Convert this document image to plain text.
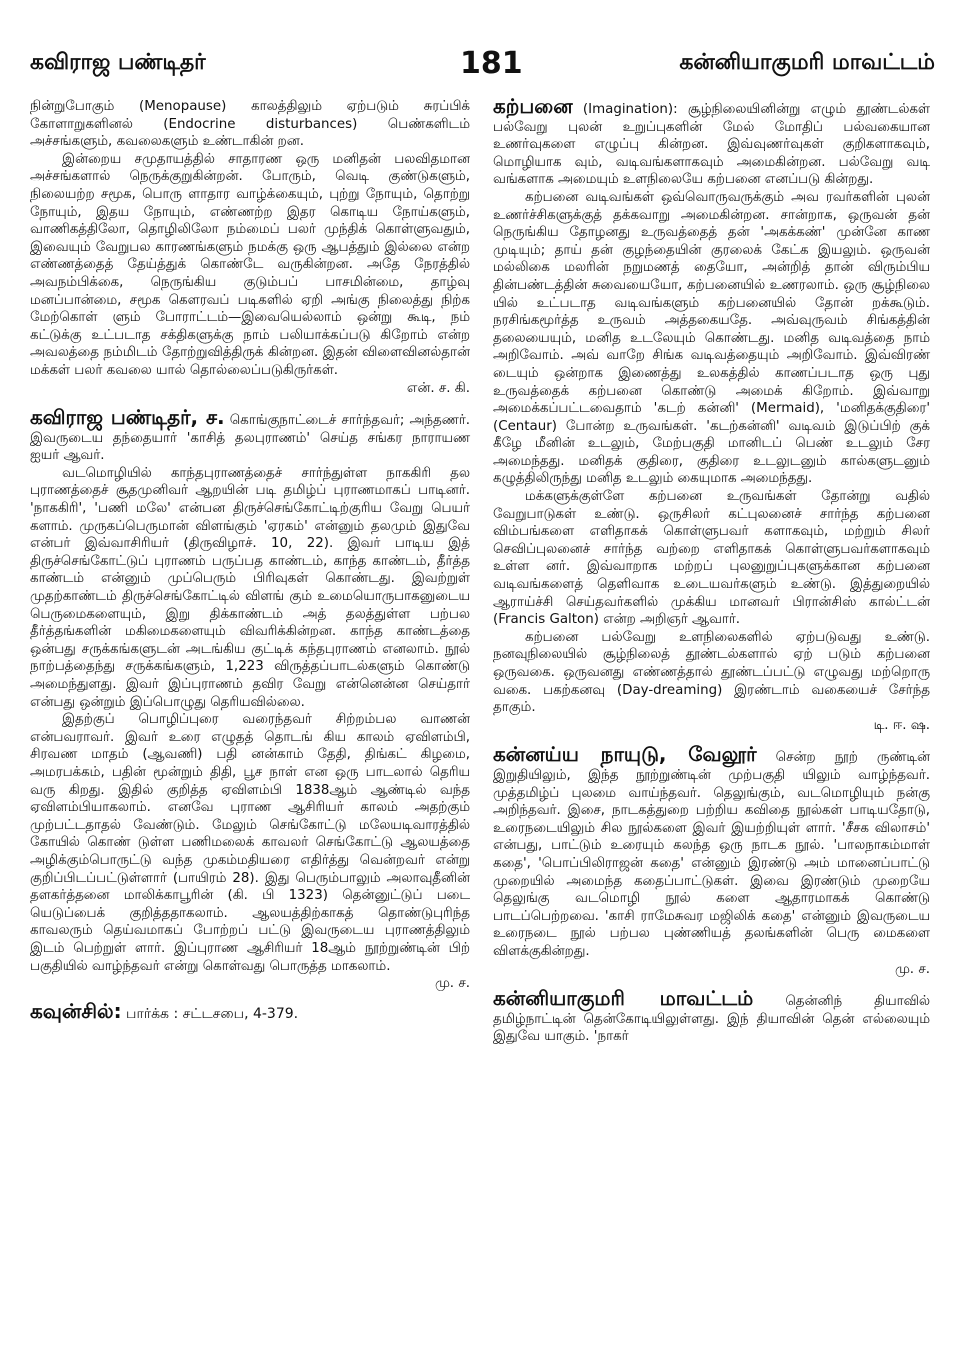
கவிராஜ பண்டிதர்	181	கன்னியாகுமரி மாவட்டம்

நின்றுபோகும் (Menopause) காலத்திலும் ஏற்படும் சுரப்பிக் கோளாறுகளினல் (Endocrine disturbances) பெண்களிடம் அச்சங்களும், கவலைகளும் உண்டாகின் றன.

இன்றைய சமுதாயத்தில் சாதாரண ஒரு மனிதன் பலவிதமான அச்சங்களால் நெருக்குறுகின்றன். போரும், வெடி குண்டுகளும், நிலையற்ற சமூக, பொரு ளாதார வாழ்க்கையும், புற்று நோயும், தொற்று நோயும், இதய நோயும், எண்ணற்ற இதர கொடிய நோய்களும், வாணிகத்திலோ, தொழிலிலோ நம்மைப் பலர் முந்திக் கொள்ளுவதும், இவையும் வேறுபல காரணங்களும் நமக்கு ஒரு ஆபத்தும் இல்லை என்ற எண்ணத்தைத் தேய்த்துக் கொண்டே வருகின்றன. அதே நேரத்தில் அவநம்பிக்கை, நெருங்கிய குடும்பப் பாசமின்மை, தாழ்வு மனப்பான்மை, சமூக கௌரவப் படிகளில் ஏறி அங்கு நிலைத்து நிற்க மேற்கொள் ளும் போராட்டம்—இவையெல்லாம் ஒன்று கூடி, நம் கட்டுக்கு உட்படாத சக்திகளுக்கு நாம் பலியாக்கப்படு கிறோம் என்ற அவலத்தை நம்மிடம் தோற்றுவித்திருக் கின்றன. இதன் விளைவினல்தான் மக்கள் பலர் கவலை யால் தொல்லைப்படுகிருர்கள்.

என். ச. கி.

கவிராஜ பண்டிதர், ச. கொங்குநாட்டைச் சார்ந்தவர்; அந்தணர். இவருடைய தந்தையார் 'காசித் தலபுராணம்' செய்த சங்கர நாராயண ஐயர் ஆவர்.

வடமொழியில் காந்தபுராணத்தைச் சார்ந்துள்ள நாககிரி தல புராணத்தைச் சூதமுனிவர் ஆறயின் படி தமிழ்ப் புராணமாகப் பாடினர். 'நாககிரி', 'பணி மலே' என்பன திருச்செங்கோட்டிற்குரிய வேறு பெயர் களாம். முருகப்பெருமான் விளங்கும் 'ஏரகம்' என்னும் தலமும் இதுவே என்பர் இவ்வாசிரியர் (திருவிழாச். 10, 22). இவர் பாடிய இத் திருச்செங்கோட்டுப் புராணம் பருப்பத காண்டம், காந்த காண்டம், தீர்த்த காண்டம் என்னும் முப்பெரும் பிரிவுகள் கொண்டது. இவற்றுள் முதற்காண்டம் திருச்செங்கோட்டில் விளங் கும் உமையொருபாகனுடைய பெருமைகளையும், இறு திக்காண்டம் அத் தலத்துள்ள பற்பல தீர்த்தங்களின் மகிமைகளையும் விவரிக்கின்றன. காந்த காண்டத்தை ஒன்பது சருக்கங்களுடன் அடங்கிய குட்டிக் கந்தபுராணம் எனலாம். நூல் நாற்பத்தைந்து சருக்கங்களும், 1,223 விருத்தப்பாடல்களும் கொண்டு அமைந்துளது. இவர் இப்புராணம் தவிர வேறு என்னென்ன செய்தார் என்பது ஒன்றும் இப்பொழுது தெரியவில்லை.

இதற்குப் பொழிப்புரை வரைந்தவர் சிற்றம்பல வாணன் என்பவராவர். இவர் உரை எழுதத் தொடங் கிய காலம் ஏவிளம்பி, சிரவண மாதம் (ஆவணி) பதி னன்காம் தேதி, திங்கட் கிழமை, அமரபக்கம், பதின் மூன்றும் திதி, பூச நாள் என ஒரு பாடலால் தெரிய வரு கிறது. இதில் குறித்த ஏவிளம்பி 1838ஆம் ஆண்டில் வந்த ஏவிளம்பியாகலாம். எனவே புராண ஆசிரியர் காலம் அதற்கும் முற்பட்டதாதல் வேண்டும். மேலும் செங்கோட்டு மலேயடிவாரத்தில் கோயில் கொண் டுள்ள பணிமலைக் காவலர் செங்கோட்டு ஆலயத்தை அழிக்கும்பொருட்டு வந்த முகம்மதியரை எதிர்த்து வென்றவர் என்று குறிப்பிடப்பட்டுள்ளார் (பாயிரம் 28). இது பெரும்பாலும் அலாவுதீனின் தளகர்த்தனை மாலிக்காபூரின் (கி. பி 1323) தென்னுட்டுப் படை யெடுப்பைக் குறித்ததாகலாம். ஆலயத்திற்காகத் தொண்டுபுரிந்த காவலரும் தெய்வமாகப் போற்றப் பட்டு இவருடைய புராணத்திலும் இடம் பெற்றுள் ளார். இப்புராண ஆசிரியர் 18ஆம் நூற்றுண்டின் பிற் பகுதியில் வாழ்ந்தவர் என்று கொள்வது பொருத்த மாகலாம்.

மு. ச.

கவுன்சில்: பார்க்க : சட்டசபை, 4-379.

கற்பனை (Imagination): சூழ்நிலையினின்று எழும் தூண்டல்கள் பல்வேறு புலன் உறுப்புகளின் மேல் மோதிப் பல்வகையான உணர்வுகளை எழுப்பு கின்றன. இவ்வுணர்வுகள் குறிகளாகவும், மொழியாக வும், வடிவங்களாகவும் அமைகின்றன. பல்வேறு வடி வங்களாக அமையும் உளநிலையே கற்பனை எனப்படு கின்றது.

கற்பனை வடிவங்கள் ஒவ்வொருவருக்கும் அவ ரவர்களின் புலன் உணர்ச்சிகளுக்குத் தக்கவாறு அமைகின்றன. சான்றாக, ஒருவன் தன் நெருங்கிய தோழனது உருவத்தைத் தன் 'அகக்கண்' முன்னே காண முடியும்; தாய் தன் குழந்தையின் குரலைக் கேட்க இயலும். ஒருவன் மல்லிகை மலரின் நறுமணத் தையோ, அன்றித் தான் விரும்பிய தின்பண்டத்தின் சுவையையோ, கற்பனையில் உணரலாம். ஒரு சூழ்நிலை யில் உட்படாத வடிவங்களும் கற்பனையில் தோன் றக்கூடும். நரசிங்கமூர்த்த உருவம் அத்தகையதே. அவ்வுருவம் சிங்கத்தின் தலையையும், மனித உடலேயும் கொண்டது. மனித வடிவத்தை நாம் அறிவோம். அவ் வாறே சிங்க வடிவத்தையும் அறிவோம். இவ்விரண் டையும் ஒன்றாக இணைத்து உலகத்தில் காணப்படாத ஒரு புது உருவத்தைக் கற்பனை கொண்டு அமைக் கிறோம். இவ்வாறு அமைக்கப்பட்டவைதாம் 'கடற் கன்னி' (Mermaid), 'மனிதக்குதிரை' (Centaur) போன்ற உருவங்கள். 'கடற்கன்னி' வடிவம் இடுப்பிற் குக் கீழே மீனின் உடலும், மேற்பகுதி மானிடப் பெண் உடலும் சேர அமைந்தது. மனிதக் குதிரை, குதிரை உடலுடனும் கால்களுடனும் கழுத்திலிருந்து மனித உடலும் கையுமாக அமைந்தது.

மக்களுக்குள்ளே கற்பனை உருவங்கள் தோன்று வதில் வேறுபாடுகள் உண்டு. ஒருசிலர் கட்புலனைச் சார்ந்த கற்பனை விம்பங்களை எளிதாகக் கொள்ளுபவர் களாகவும், மற்றும் சிலர் செவிப்புலனைச் சார்ந்த வற்றை எளிதாகக் கொள்ளுபவர்களாகவும் உள்ள னர். இவ்வாறாக மற்றப் புலனுறுப்புகளுக்கான கற்பனை வடிவங்களைத் தெளிவாக உடையவர்களும் உண்டு. இத்துறையில் ஆராய்ச்சி செய்தவர்களில் முக்கிய மானவர் பிரான்சிஸ் கால்ட்டன் (Francis Galton) என்ற அறிஞர் ஆவார்.

கற்பனை பல்வேறு உளநிலைகளில் ஏற்படுவது உண்டு. நனவுநிலையில் சூழ்நிலைத் தூண்டல்களால் ஏற் படும் கற்பனை ஒருவகை. ஒருவனது எண்ணத்தால் தூண்டப்பட்டு எழுவது மற்றொரு வகை. பகற்கனவு (Day-dreaming) இரண்டாம் வகையைச் சேர்ந்த தாகும்.

டி. ஈ. ஷ.

கன்னய்ய நாயுடு, வேலூர் சென்ற நூற் ருண்டின் இறுதியிலும், இந்த நூற்றுண்டின் முற்பகுதி யிலும் வாழ்ந்தவர். முத்தமிழ்ப் புலமை வாய்ந்தவர். தெலுங்கும், வடமொழியும் நன்கு அறிந்தவர். இசை, நாடகத்துறை பற்றிய கவிதை நூல்கள் பாடியதோடு, உரைநடையிலும் சில நூல்களை இவர் இயற்றியுள் ளார். 'சீசக விலாசம்' என்பது, பாட்டும் உரையும் கலந்த ஒரு நாடக நூல். 'பாலநாகம்மாள் கதை', 'பொப்பிலிராஜன் கதை' என்னும் இரண்டு அம் மானைப்பாட்டு முறையில் அமைந்த கதைப்பாட்டுகள். இவை இரண்டும் முறையே தெலுங்கு வடமொழி நூல் களை ஆதாரமாகக் கொண்டு பாடப்பெற்றவை. 'காசி ராமேசுவர மஜிலிக் கதை' என்னும் இவருடைய உரைநடை நூல் பற்பல புண்ணியத் தலங்களின் பெரு மைகளை விளக்குகின்றது.

மு. ச.

கன்னியாகுமரி மாவட்டம் தென்னிந் தியாவில் தமிழ்நாட்டின் தென்கோடியிலுள்ளது. இந் தியாவின் தென் எல்லையும் இதுவே யாகும். 'நாகர்
